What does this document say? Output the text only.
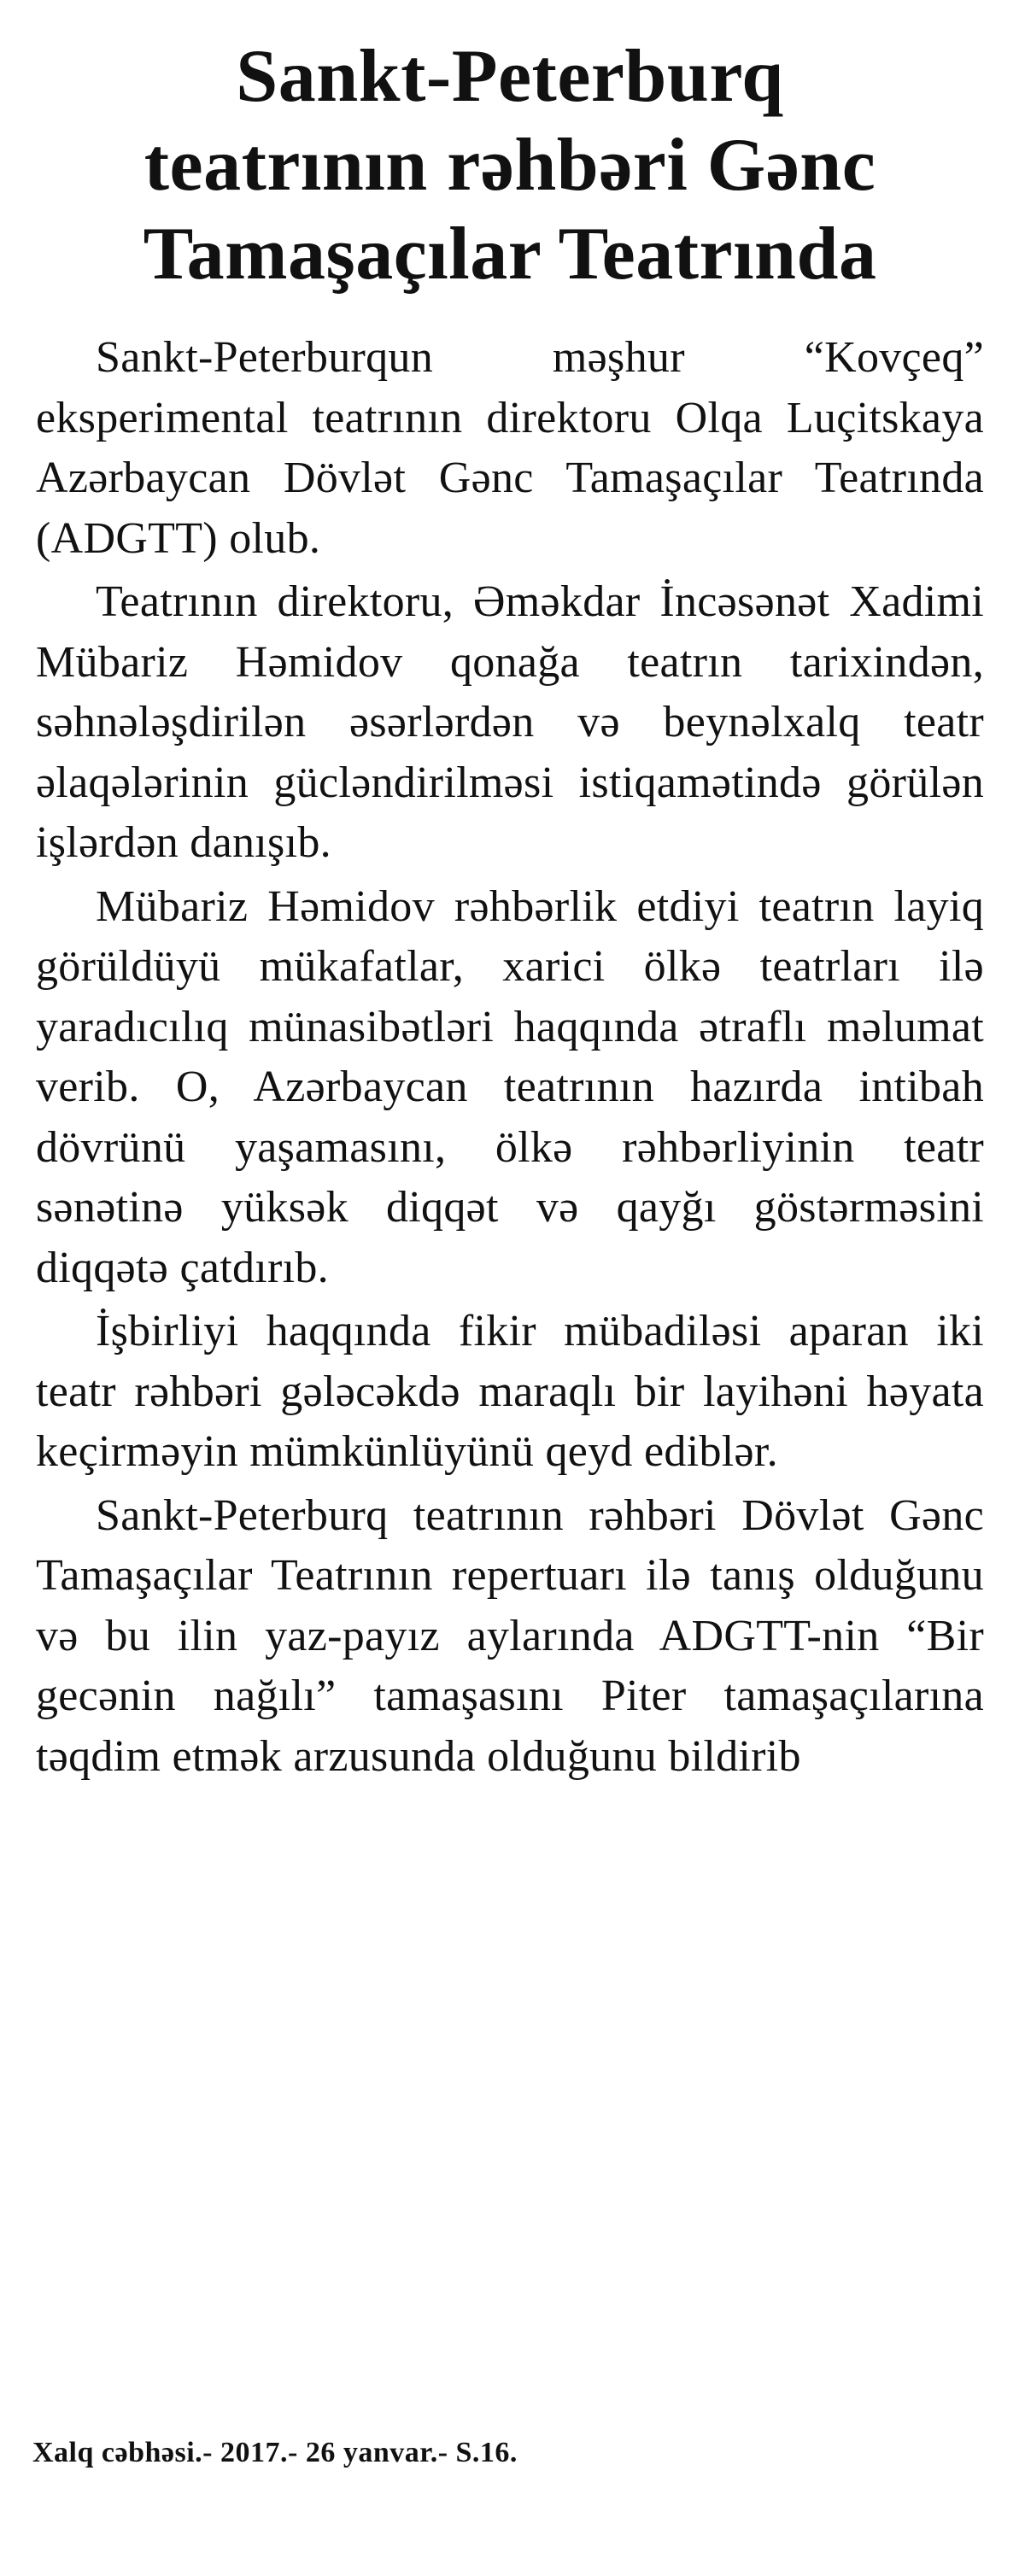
Sankt-Peterburq
teatrının rəhbəri Gənc
Tamaşaçılar Teatrında

Sankt-Peterburqun məşhur “Kovçeq” eksperimental teatrının direktoru Olqa Luçitskaya Azərbaycan Dövlət Gənc Tamaşaçılar Teatrında (ADGTT) olub.

Teatrının direktoru, Əməkdar İncəsənət Xadimi Mübariz Həmidov qonağa teatrın tarixindən, səhnələşdirilən əsərlərdən və beynəlxalq teatr əlaqələrinin gücləndirilməsi istiqamətində görülən işlərdən danışıb.

Mübariz Həmidov rəhbərlik etdiyi teatrın layiq görüldüyü mükafatlar, xarici ölkə teatrları ilə yaradıcılıq münasibətləri haqqında ətraflı məlumat verib. O, Azərbaycan teatrının hazırda intibah dövrünü yaşamasını, ölkə rəhbərliyinin teatr sənətinə yüksək diqqət və qayğı göstərməsini diqqətə çatdırıb.

İşbirliyi haqqında fikir mübadiləsi aparan iki teatr rəhbəri gələcəkdə maraqlı bir layihəni həyata keçirməyin mümkünlüyünü qeyd ediblər.

Sankt-Peterburq teatrının rəhbəri Dövlət Gənc Tamaşaçılar Teatrının repertuarı ilə tanış olduğunu və bu ilin yaz-payız aylarında ADGTT-nin “Bir gecənin nağılı” tamaşasını Piter tamaşaçılarına təqdim etmək arzusunda olduğunu bildirib

Xalq cəbhəsi.- 2017.- 26 yanvar.- S.16.
